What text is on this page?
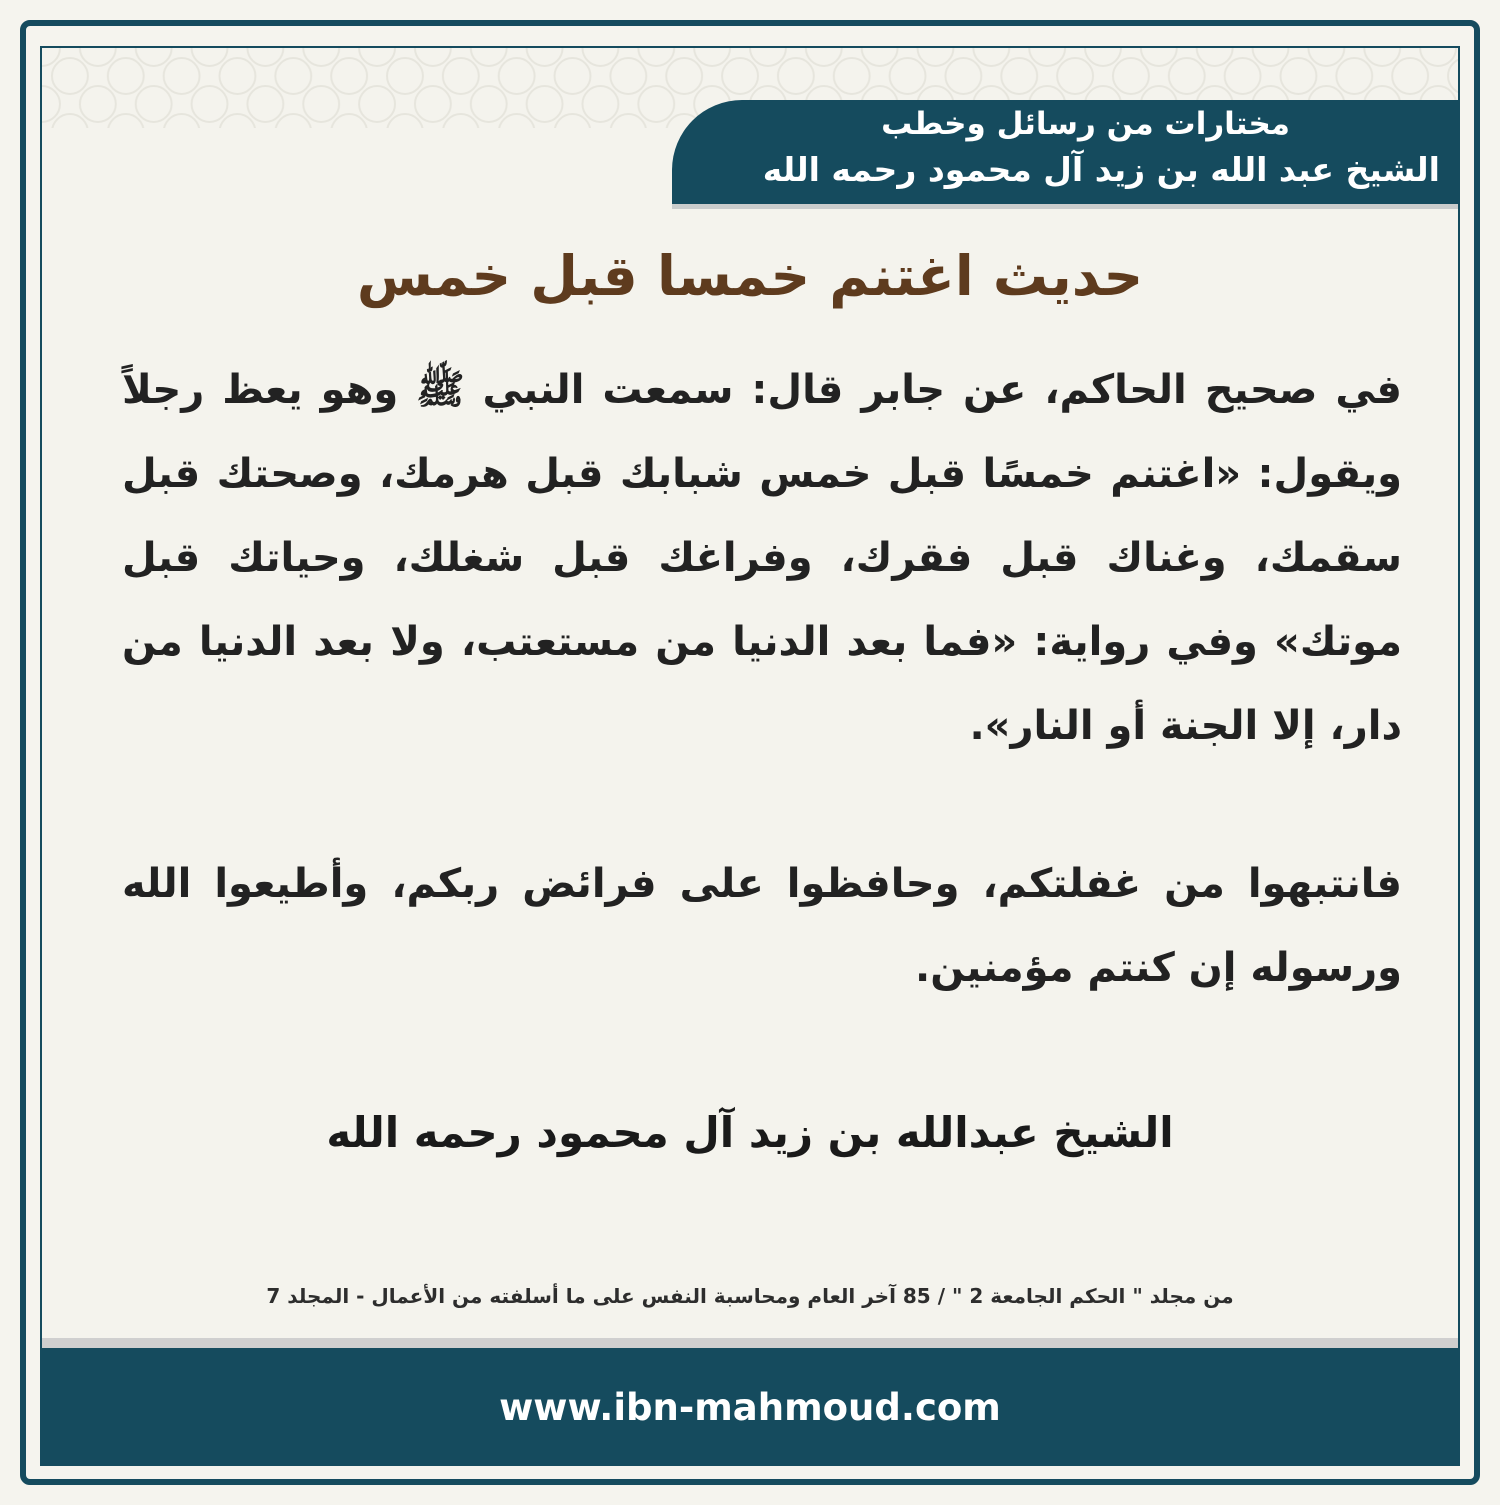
مختارات من رسائل وخطب
الشيخ عبد الله بن زيد آل محمود رحمه الله
حديث اغتنم خمسا قبل خمس

في صحيح الحاكم، عن جابر قال: سمعت النبي ﷺ وهو يعظ رجلاً ويقول: «اغتنم خمسًا قبل خمس شبابك قبل هرمك، وصحتك قبل سقمك، وغناك قبل فقرك، وفراغك قبل شغلك، وحياتك قبل موتك» وفي رواية: «فما بعد الدنيا من مستعتب، ولا بعد الدنيا من دار، إلا الجنة أو النار».

فانتبهوا من غفلتكم، وحافظوا على فرائض ربكم، وأطيعوا الله ورسوله إن كنتم مؤمنين.

الشيخ عبدالله بن زيد آل محمود رحمه الله
من مجلد " الحكم الجامعة 2 " / 85 آخر العام ومحاسبة النفس على ما أسلفته من الأعمال - المجلد 7
www.ibn-mahmoud.com
